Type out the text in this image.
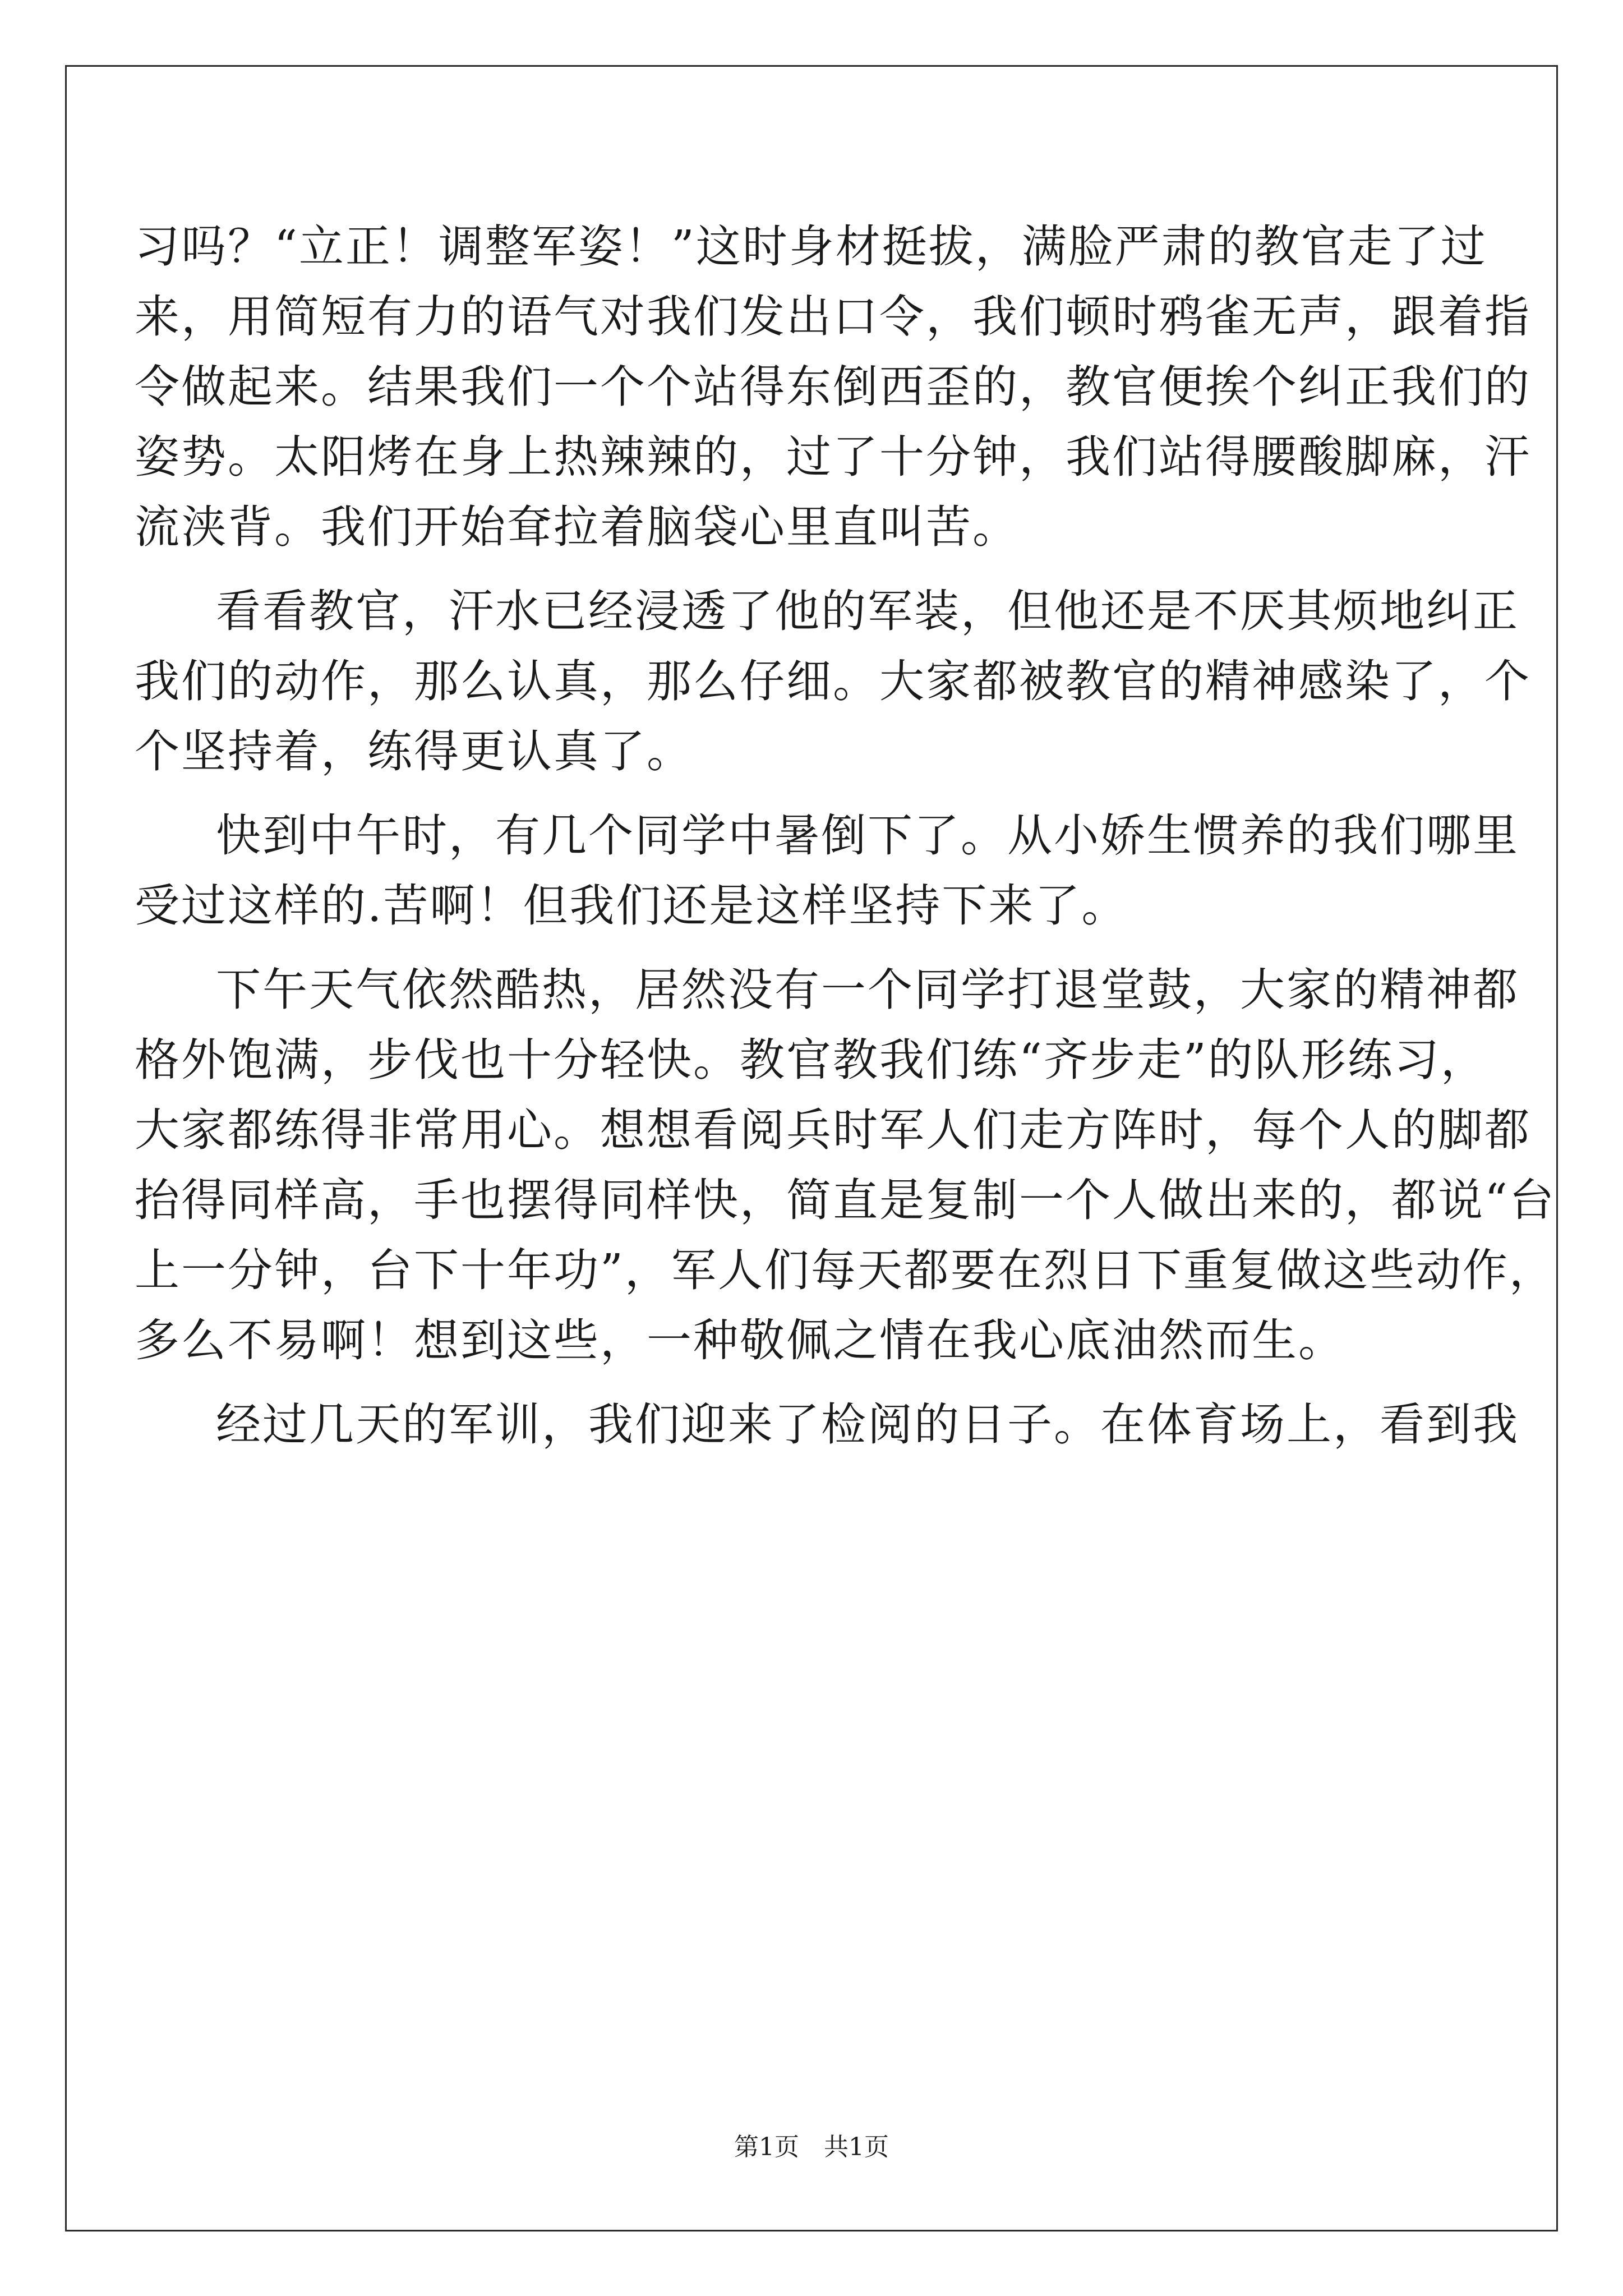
习吗？“立正！调整军姿！”这时身材挺拔，满脸严肃的教官走了过
来，用简短有力的语气对我们发出口令，我们顿时鸦雀无声，跟着指
令做起来。结果我们一个个站得东倒西歪的，教官便挨个纠正我们的
姿势。太阳烤在身上热辣辣的，过了十分钟，我们站得腰酸脚麻，汗
流浃背。我们开始耷拉着脑袋心里直叫苦。
看看教官，汗水已经浸透了他的军装，但他还是不厌其烦地纠正
我们的动作，那么认真，那么仔细。大家都被教官的精神感染了，个
个坚持着，练得更认真了。
快到中午时，有几个同学中暑倒下了。从小娇生惯养的我们哪里
受过这样的.苦啊！但我们还是这样坚持下来了。
下午天气依然酷热，居然没有一个同学打退堂鼓，大家的精神都
格外饱满，步伐也十分轻快。教官教我们练“齐步走”的队形练习，
大家都练得非常用心。想想看阅兵时军人们走方阵时，每个人的脚都
抬得同样高，手也摆得同样快，简直是复制一个人做出来的，都说“台
上一分钟，台下十年功”，军人们每天都要在烈日下重复做这些动作，
多么不易啊！想到这些，一种敬佩之情在我心底油然而生。
经过几天的军训，我们迎来了检阅的日子。在体育场上，看到我
第1页　共1页
